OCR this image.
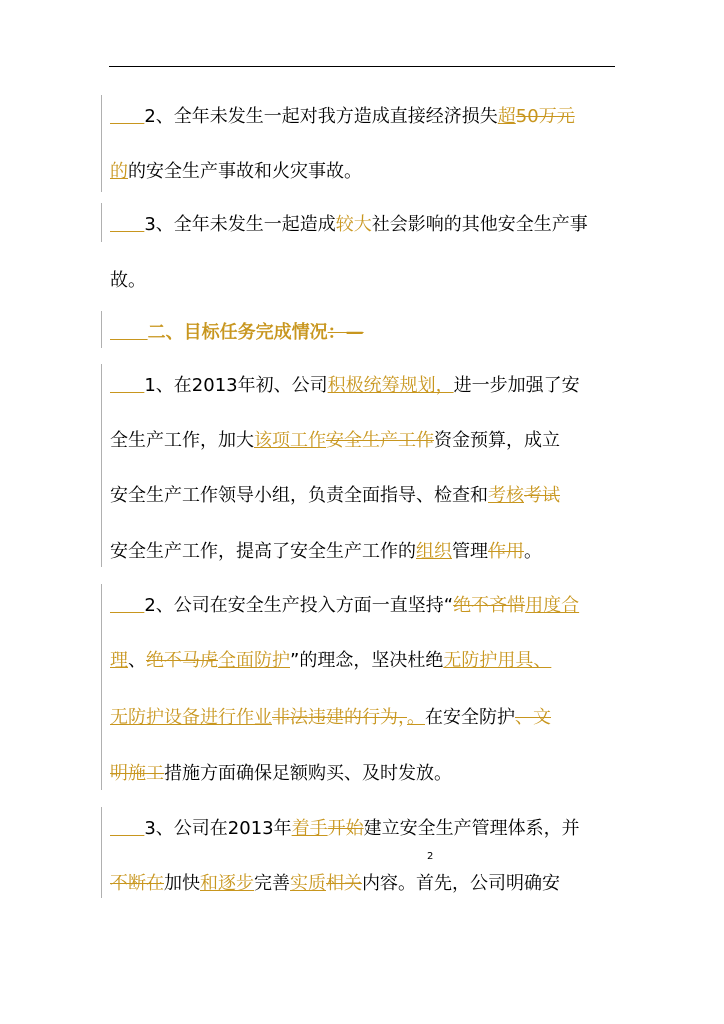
2、全年未发生一起对我方造成直接经济损失超50万元
的的安全生产事故和火灾事故。
3、全年未发生一起造成较大社会影响的其他安全生产事
故。
二、目标任务完成情况：—
1、在2013年初、公司积极统筹规划，进一步加强了安
全生产工作，加大该项工作安全生产工作资金预算，成立
安全生产工作领导小组，负责全面指导、检查和考核考试
安全生产工作，提高了安全生产工作的组织管理作用。
2、公司在安全生产投入方面一直坚持“绝不吝惜用度合
理、绝不马虎全面防护”的理念，坚决杜绝无防护用具、
无防护设备进行作业非法违建的行为，。在安全防护、文
明施工措施方面确保足额购买、及时发放。
3、公司在2013年着手开始建立安全生产管理体系，并
不断在加快和逐步完善实质相关内容。首先，公司明确安
2
